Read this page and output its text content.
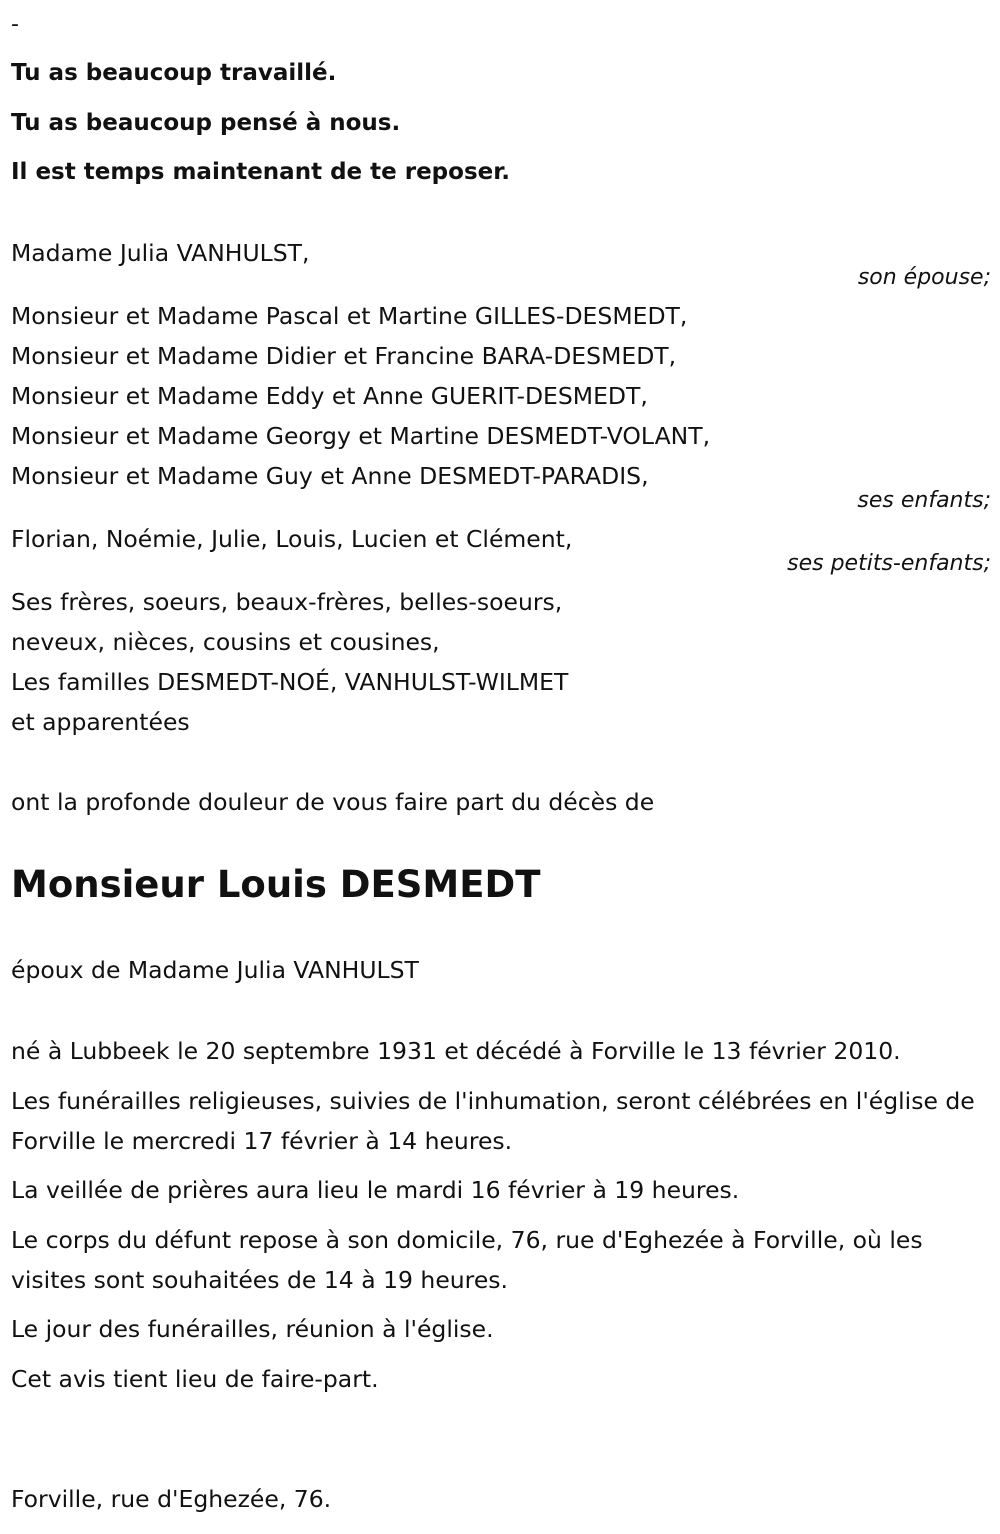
-
Tu as beaucoup travaillé.
Tu as beaucoup pensé à nous.
Il est temps maintenant de te reposer.
Madame Julia VANHULST,
son épouse;
Monsieur et Madame Pascal et Martine GILLES-DESMEDT,
Monsieur et Madame Didier et Francine BARA-DESMEDT,
Monsieur et Madame Eddy et Anne GUERIT-DESMEDT,
Monsieur et Madame Georgy et Martine DESMEDT-VOLANT,
Monsieur et Madame Guy et Anne DESMEDT-PARADIS,
ses enfants;
Florian, Noémie, Julie, Louis, Lucien et Clément,
ses petits-enfants;
Ses frères, soeurs, beaux-frères, belles-soeurs,
neveux, nièces, cousins et cousines,
Les familles DESMEDT-NOÉ, VANHULST-WILMET
et apparentées
ont la profonde douleur de vous faire part du décès de
Monsieur Louis DESMEDT
époux de Madame Julia VANHULST

né à Lubbeek le 20 septembre 1931 et décédé à Forville le 13 février 2010.

Les funérailles religieuses, suivies de l'inhumation, seront célébrées en l'église de Forville le mercredi 17 février à 14 heures.

La veillée de prières aura lieu le mardi 16 février à 19 heures.

Le corps du défunt repose à son domicile, 76, rue d'Eghezée à Forville, où les visites sont souhaitées de 14 à 19 heures.

Le jour des funérailles, réunion à l'église.

Cet avis tient lieu de faire-part.

Forville, rue d'Eghezée, 76.
